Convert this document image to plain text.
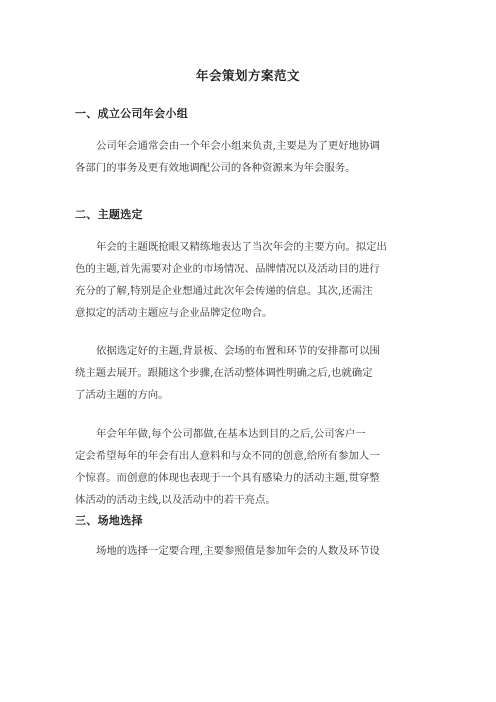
年会策划方案范文
一、成立公司年会小组
公司年会通常会由一个年会小组来负责,主要是为了更好地协调
各部门的事务及更有效地调配公司的各种资源来为年会服务。
二、主题选定
年会的主题既抢眼又精练地表达了当次年会的主要方向。拟定出
色的主题,首先需要对企业的市场情况、品牌情况以及活动目的进行
充分的了解,特别是企业想通过此次年会传递的信息。其次,还需注
意拟定的活动主题应与企业品牌定位吻合。
依据选定好的主题,背景板、会场的布置和环节的安排都可以围
绕主题去展开。跟随这个步骤,在活动整体调性明确之后,也就确定
了活动主题的方向。
年会年年做,每个公司都做,在基本达到目的之后,公司客户一
定会希望每年的年会有出人意料和与众不同的创意,给所有参加人一
个惊喜。而创意的体现也表现于一个具有感染力的活动主题,贯穿整
体活动的活动主线,以及活动中的若干亮点。
三、场地选择
场地的选择一定要合理,主要参照值是参加年会的人数及环节设
